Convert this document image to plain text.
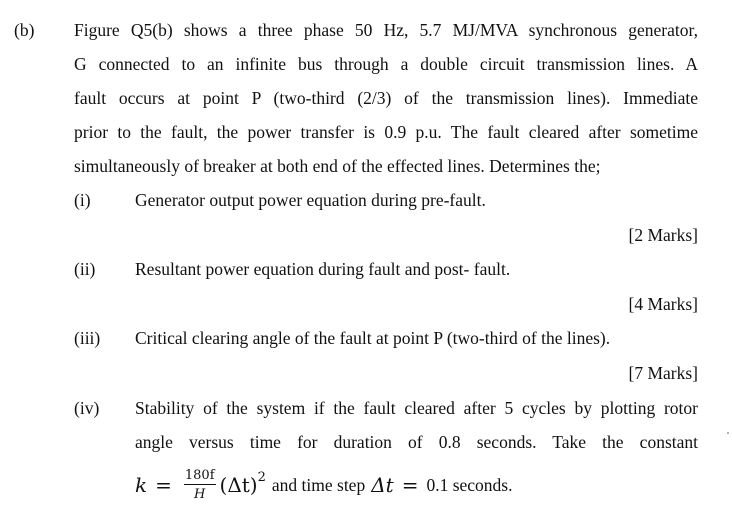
(b) Figure Q5(b) shows a three phase 50 Hz, 5.7 MJ/MVA synchronous generator,
G connected to an infinite bus through a double circuit transmission lines. A
fault occurs at point P (two-third (2/3) of the transmission lines). Immediate
prior to the fault, the power transfer is 0.9 p.u. The fault cleared after sometime
simultaneously of breaker at both end of the effected lines. Determines the;
(i)	Generator output power equation during pre-fault.
[2 Marks]
(ii) Resultant power equation during fault and post- fault.
[4 Marks]
(iii) Critical clearing angle of the fault at point P (two-third of the lines).
[7 Marks]
(iv) Stability of the system if the fault cleared after 5 cycles by plotting rotor
angle versus time for duration of 0.8 seconds. Take the constant
$k = \frac{180f}{H} (\Delta t)$ 2 and time step Δt = 0.1 seconds.
